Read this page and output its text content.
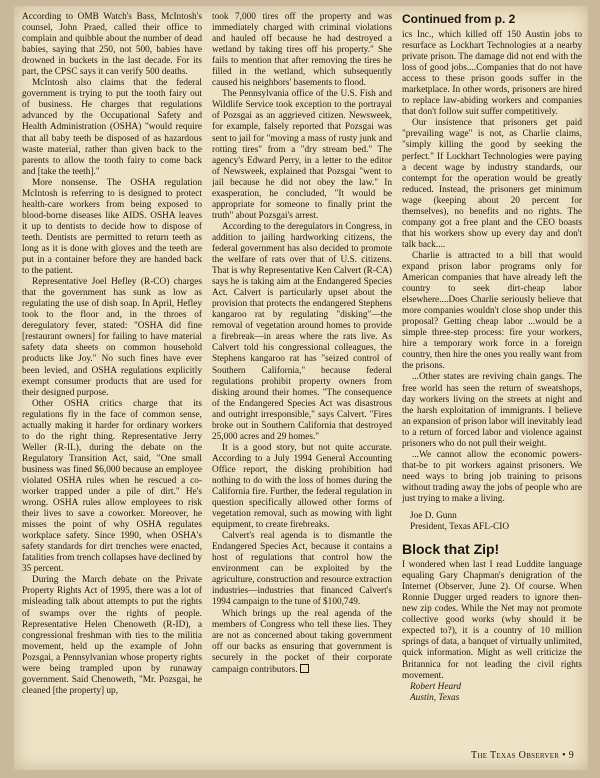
According to OMB Watch's Bass, McIntosh's counsel, John Praed, called their office to complain and quibble about the number of dead babies, saying that 250, not 500, babies have drowned in buckets in the last decade. For its part, the CPSC says it can verify 500 deaths.

McIntosh also claims that the federal government is trying to put the tooth fairy out of business. He charges that regulations advanced by the Occupational Safety and Health Administration (OSHA) "would require that all baby teeth be disposed of as hazardous waste material, rather than given back to the parents to allow the tooth fairy to come back and [take the teeth]."

More nonsense. The OSHA regulation McIntosh is referring to is designed to protect health-care workers from being exposed to blood-borne diseases like AIDS. OSHA leaves it up to dentists to decide how to dispose of teeth. Dentists are permitted to return teeth as long as it is done with gloves and the teeth are put in a container before they are handed back to the patient.

Representative Joel Hefley (R-CO) charges that the government has sunk as low as regulating the use of dish soap. In April, Hefley took to the floor and, in the throes of deregulatory fever, stated: "OSHA did fine [restaurant owners] for failing to have material safety data sheets on common household products like Joy." No such fines have ever been levied, and OSHA regulations explicitly exempt consumer products that are used for their designed purpose.

Other OSHA critics charge that its regulations fly in the face of common sense, actually making it harder for ordinary workers to do the right thing. Representative Jerry Weller (R-IL), during the debate on the Regulatory Transition Act, said, "One small business was fined $6,000 because an employee violated OSHA rules when he rescued a co-worker trapped under a pile of dirt." He's wrong. OSHA rules allow employees to risk their lives to save a coworker. Moreover, he misses the point of why OSHA regulates workplace safety. Since 1990, when OSHA's safety standards for dirt trenches were enacted, fatalities from trench collapses have declined by 35 percent.

During the March debate on the Private Property Rights Act of 1995, there was a lot of misleading talk about attempts to put the rights of swamps over the rights of people. Representative Helen Chenoweth (R-ID), a congressional freshman with ties to the militia movement, held up the example of John Pozsgai, a Pennsylvanian whose property rights were being trampled upon by runaway government. Said Chenoweth, "Mr. Pozsgai, he cleaned [the property] up,

took 7,000 tires off the property and was immediately charged with criminal violations and hauled off because he had destroyed a wetland by taking tires off his property." She fails to mention that after removing the tires he filled in the wetland, which subsequently caused his neighbors' basements to flood.

The Pennsylvania office of the U.S. Fish and Wildlife Service took exception to the portrayal of Pozsgai as an aggrieved citizen. Newsweek, for example, falsely reported that Pozsgai was sent to jail for "moving a mass of rusty junk and rotting tires" from a "dry stream bed." The agency's Edward Perry, in a letter to the editor of Newsweek, explained that Pozsgai "went to jail because he did not obey the law." In exasperation, he concluded, "It would be appropriate for someone to finally print the truth" about Pozsgai's arrest.

According to the deregulators in Congress, in addition to jailing hardworking citizens, the federal government has also decided to promote the welfare of rats over that of U.S. citizens. That is why Representative Ken Calvert (R-CA) says he is taking aim at the Endangered Species Act. Calvert is particularly upset about the provision that protects the endangered Stephens kangaroo rat by regulating "disking"—the removal of vegetation around homes to provide a firebreak—in areas where the rats live. As Calvert told his congressional colleagues, the Stephens kangaroo rat has "seized control of Southern California," because federal regulations prohibit property owners from disking around their homes. "The consequence of the Endangered Species Act was disastrous and outright irresponsible," says Calvert. "Fires broke out in Southern California that destroyed 25,000 acres and 29 homes."

It is a good story, but not quite accurate. According to a July 1994 General Accounting Office report, the disking prohibition had nothing to do with the loss of homes during the California fire. Further, the federal regulation in question specifically allowed other forms of vegetation removal, such as mowing with light equipment, to create firebreaks.

Calvert's real agenda is to dismantle the Endangered Species Act, because it contains a host of regulations that control how the environment can be exploited by the agriculture, construction and resource extraction industries—industries that financed Calvert's 1994 campaign to the tune of $100,749.

Which brings up the real agenda of the members of Congress who tell these lies. They are not as concerned about taking government off our backs as ensuring that government is securely in the pocket of their corporate campaign contributors.

Continued from p. 2

ics Inc., which killed off 150 Austin jobs to resurface as Lockhart Technologies at a nearby private prison. The damage did not end with the loss of good jobs....Companies that do not have access to these prison goods suffer in the marketplace. In other words, prisoners are hired to replace law-abiding workers and companies that don't follow suit suffer competitively.

Our insistence that prisoners get paid "prevailing wage" is not, as Charlie claims, "simply killing the good by seeking the perfect." If Lockhart Technologies were paying a decent wage by industry standards, our contempt for the operation would be greatly reduced. Instead, the prisoners get minimum wage (keeping about 20 percent for themselves), no benefits and no rights. The company got a free plant and the CEO boasts that his workers show up every day and don't talk back....

Charlie is attracted to a bill that would expand prison labor programs only for American companies that have already left the country to seek dirt-cheap labor elsewhere....Does Charlie seriously believe that more companies wouldn't close shop under this proposal? Getting cheap labor ...would be a simple three-step process: fire your workers, hire a temporary work force in a foreign country, then hire the ones you really want from the prisons.

...Other states are reviving chain gangs. The free world has seen the return of sweatshops, day workers living on the streets at night and the harsh exploitation of immigrants. I believe an expansion of prison labor will inevitably lead to a return of forced labor and violence against prisoners who do not pull their weight.

...We cannot allow the economic powers-that-be to pit workers against prisoners. We need ways to bring job training to prisons without trading away the jobs of people who are just trying to make a living.

Joe D. Gunn

President, Texas AFL-CIO

Block that Zip!

I wondered when last I read Luddite language equaling Gary Chapman's denigration of the Internet (Observer, June 2). Of course. When Ronnie Dugger urged readers to ignore then-new zip codes. While the Net may not promote collective good works (why should it be expected to?), it is a country of 10 million springs of data, a banquet of virtually unlimited, quick information. Might as well criticize the Britannica for not leading the civil rights movement.

Robert Heard

Austin, Texas

The Texas Observer • 9
